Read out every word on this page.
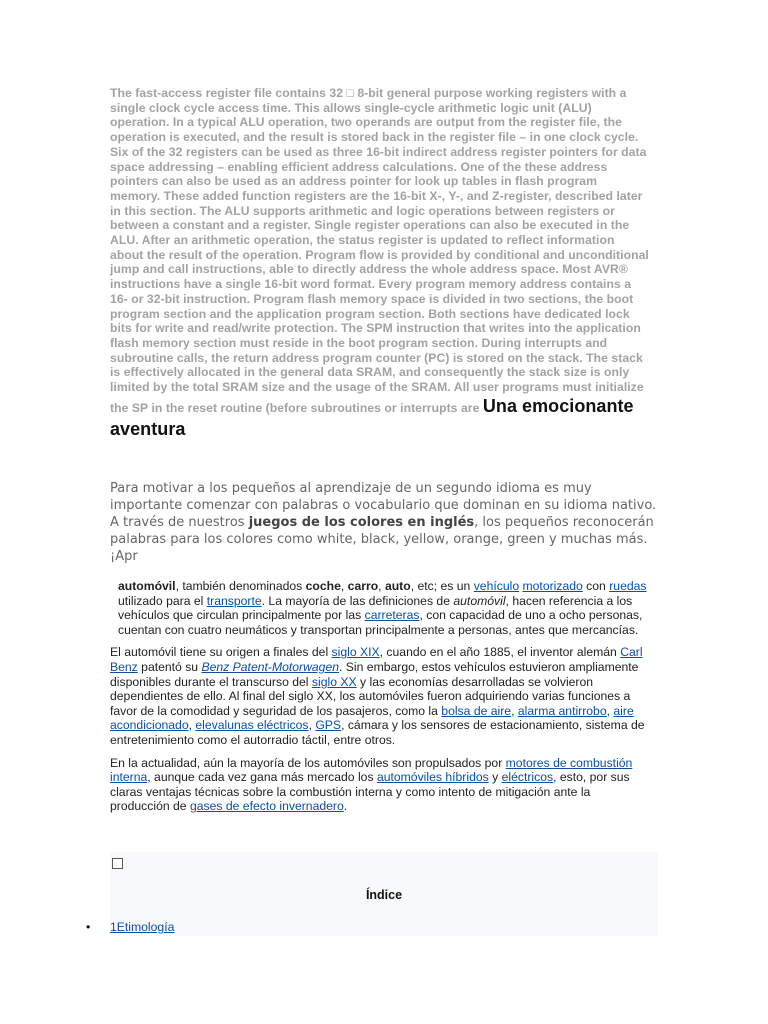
The fast-access register file contains 32 □ 8-bit general purpose working registers with a single clock cycle access time. This allows single-cycle arithmetic logic unit (ALU) operation. In a typical ALU operation, two operands are output from the register file, the operation is executed, and the result is stored back in the register file – in one clock cycle. Six of the 32 registers can be used as three 16-bit indirect address register pointers for data space addressing – enabling efficient address calculations. One of the these address pointers can also be used as an address pointer for look up tables in flash program memory. These added function registers are the 16-bit X-, Y-, and Z-register, described later in this section. The ALU supports arithmetic and logic operations between registers or between a constant and a register. Single register operations can also be executed in the ALU. After an arithmetic operation, the status register is updated to reflect information about the result of the operation. Program flow is provided by conditional and unconditional jump and call instructions, able to directly address the whole address space. Most AVR® instructions have a single 16-bit word format. Every program memory address contains a 16- or 32-bit instruction. Program flash memory space is divided in two sections, the boot program section and the application program section. Both sections have dedicated lock bits for write and read/write protection. The SPM instruction that writes into the application flash memory section must reside in the boot program section. During interrupts and subroutine calls, the return address program counter (PC) is stored on the stack. The stack is effectively allocated in the general data SRAM, and consequently the stack size is only limited by the total SRAM size and the usage of the SRAM. All user programs must initialize the SP in the reset routine (before subroutines or interrupts are Una emocionante aventura
Para motivar a los pequeños al aprendizaje de un segundo idioma es muy importante comenzar con palabras o vocabulario que dominan en su idioma nativo. A través de nuestros juegos de los colores en inglés, los pequeños reconocerán palabras para los colores como white, black, yellow, orange, green y muchas más. ¡Apr

automóvil, también denominados coche, carro, auto, etc; es un vehículo motorizado con ruedas utilizado para el transporte. La mayoría de las definiciones de automóvil, hacen referencia a los vehículos que circulan principalmente por las carreteras, con capacidad de uno a ocho personas, cuentan con cuatro neumáticos y transportan principalmente a personas, antes que mercancías.

El automóvil tiene su origen a finales del siglo XIX, cuando en el año 1885, el inventor alemán Carl Benz patentó su Benz Patent-Motorwagen. Sin embargo, estos vehículos estuvieron ampliamente disponibles durante el transcurso del siglo XX y las economías desarrolladas se volvieron dependientes de ello. Al final del siglo XX, los automóviles fueron adquiriendo varias funciones a favor de la comodidad y seguridad de los pasajeros, como la bolsa de aire, alarma antirrobo, aire acondicionado, elevalunas eléctricos, GPS, cámara y los sensores de estacionamiento, sistema de entretenimiento como el autorradio táctil, entre otros.

En la actualidad, aún la mayoría de los automóviles son propulsados por motores de combustión interna, aunque cada vez gana más mercado los automóviles híbridos y eléctricos, esto, por sus claras ventajas técnicas sobre la combustión interna y como intento de mitigación ante la producción de gases de efecto invernadero.

Índice
• 1Etimología
